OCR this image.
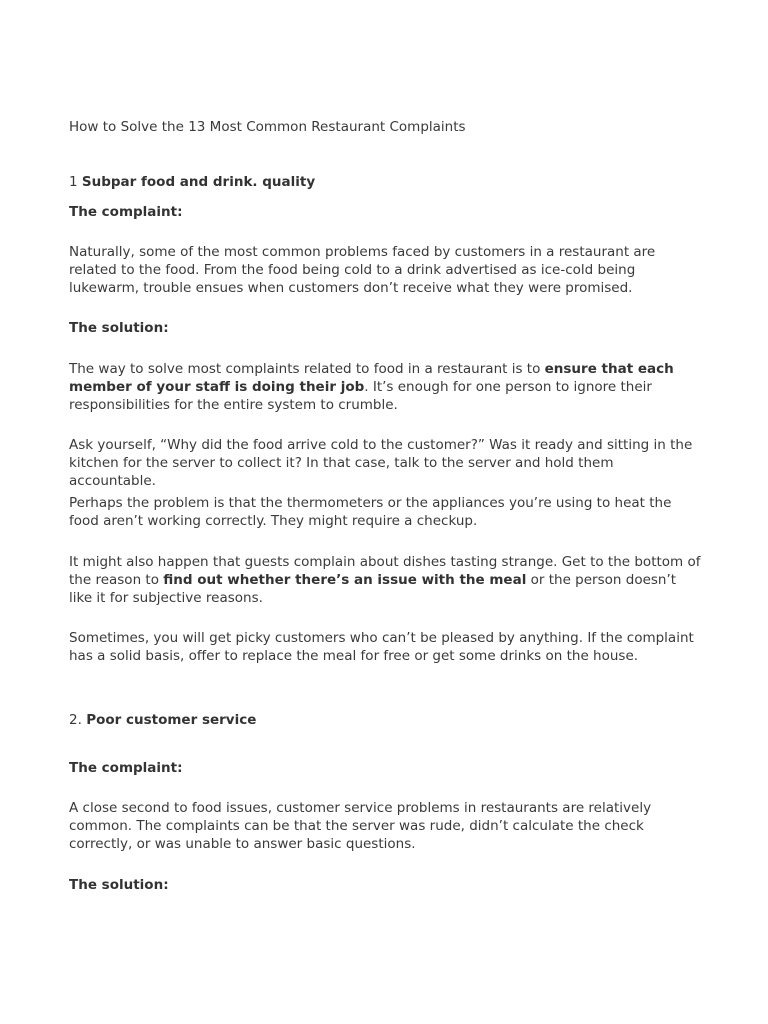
How to Solve the 13 Most Common Restaurant Complaints
1 Subpar food and drink. quality
The complaint:

Naturally, some of the most common problems faced by customers in a restaurant are related to the food. From the food being cold to a drink advertised as ice-cold being lukewarm, trouble ensues when customers don’t receive what they were promised.

The solution:

The way to solve most complaints related to food in a restaurant is to ensure that each member of your staff is doing their job. It’s enough for one person to ignore their responsibilities for the entire system to crumble.

Ask yourself, “Why did the food arrive cold to the customer?” Was it ready and sitting in the kitchen for the server to collect it? In that case, talk to the server and hold them accountable.

Perhaps the problem is that the thermometers or the appliances you’re using to heat the food aren’t working correctly. They might require a checkup.

It might also happen that guests complain about dishes tasting strange. Get to the bottom of the reason to find out whether there’s an issue with the meal or the person doesn’t like it for subjective reasons.

Sometimes, you will get picky customers who can’t be pleased by anything. If the complaint has a solid basis, offer to replace the meal for free or get some drinks on the house.

2. Poor customer service
The complaint:

A close second to food issues, customer service problems in restaurants are relatively common. The complaints can be that the server was rude, didn’t calculate the check correctly, or was unable to answer basic questions.

The solution:
